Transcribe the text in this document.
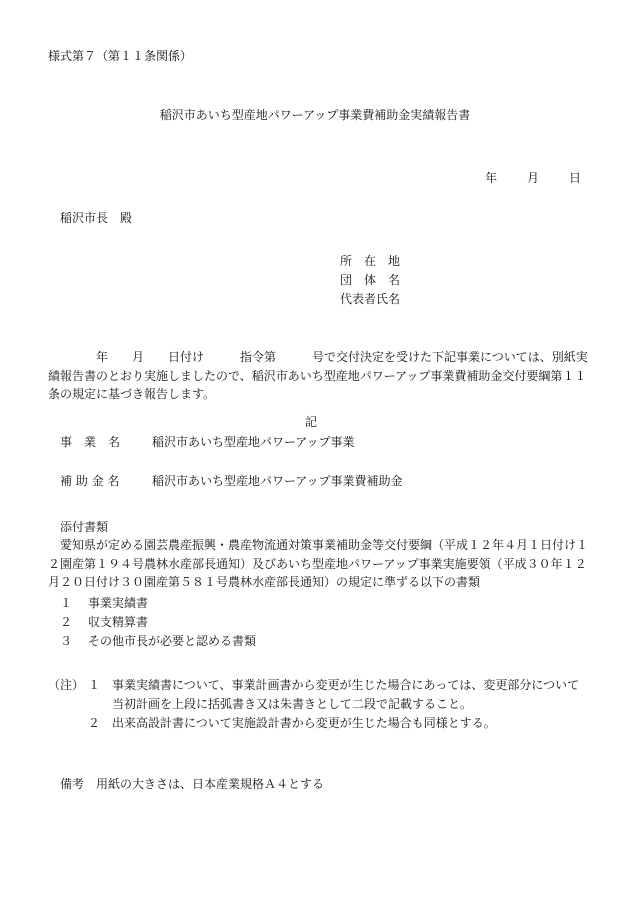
様式第７（第１１条関係）
稲沢市あいち型産地パワーアップ事業費補助金実績報告書
年	月	日
稲沢市長　殿
所　在　地
団　体　名
代表者氏名
　　　　年　　月　　日付け　　　指令第　　　号で交付決定を受けた下記事業については、別紙実績報告書のとおり実施しましたので、稲沢市あいち型産地パワーアップ事業費補助金交付要綱第１１条の規定に基づき報告します。
記
事　業　名	稲沢市あいち型産地パワーアップ事業
補 助 金 名	稲沢市あいち型産地パワーアップ事業費補助金
添付書類
　愛知県が定める園芸農産振興・農産物流通対策事業補助金等交付要綱（平成１２年４月１日付け１２園産第１９４号農林水産部長通知）及びあいち型産地パワーアップ事業実施要領（平成３０年１２月２０日付け３０園産第５８１号農林水産部長通知）の規定に準ずる以下の書類
１ 事業実績書
２ 収支精算書
３ その他市長が必要と認める書類
（注） １ 事業実績書について、事業計画書から変更が生じた場合にあっては、変更部分について
当初計画を上段に括弧書き又は朱書きとして二段で記載すること。
２ 出来高設計書について実施設計書から変更が生じた場合も同様とする。
備考　用紙の大きさは、日本産業規格Ａ４とする
